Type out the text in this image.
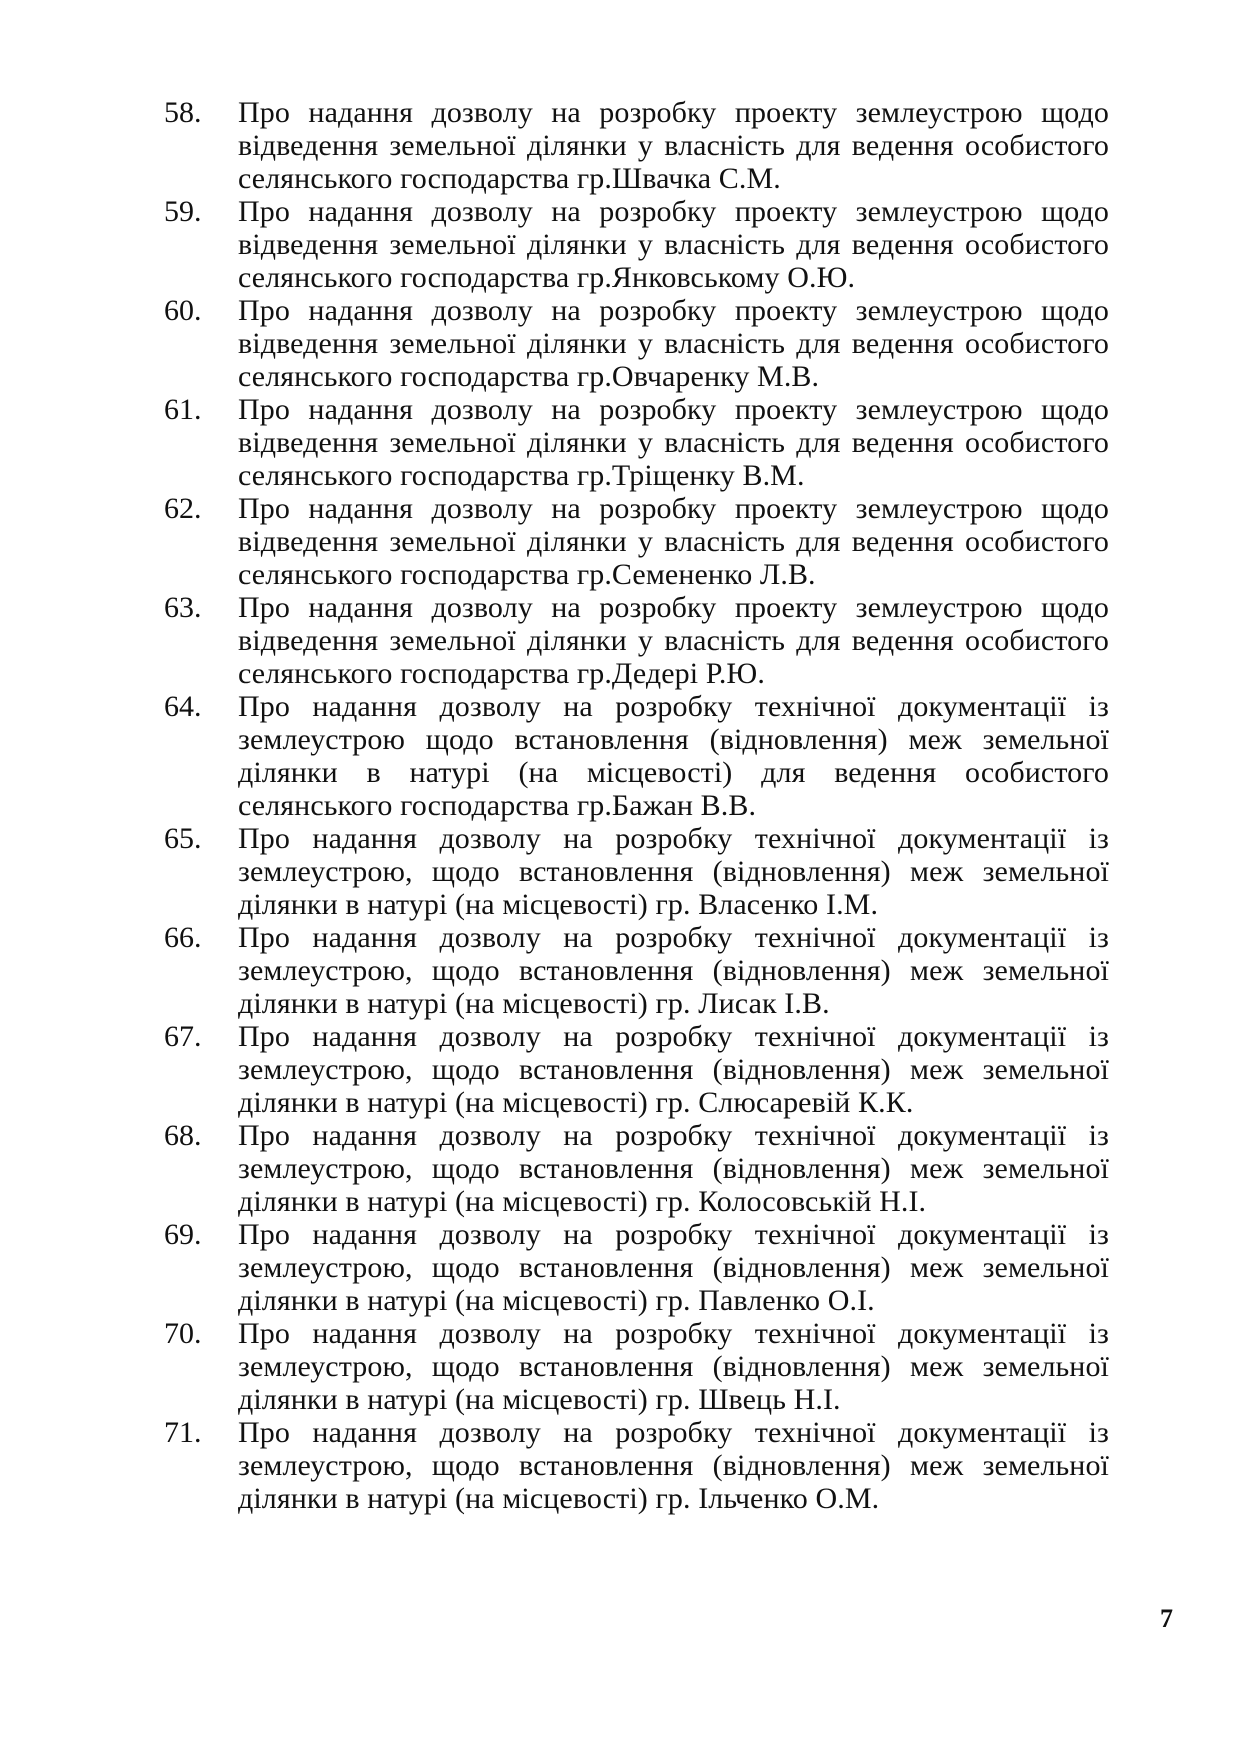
58. Про надання дозволу на розробку проекту землеустрою щодо відведення земельної ділянки у власність для ведення особистого селянського господарства гр.Швачка С.М.
59. Про надання дозволу на розробку проекту землеустрою щодо відведення земельної ділянки у власність для ведення особистого селянського господарства гр.Янковському О.Ю.
60. Про надання дозволу на розробку проекту землеустрою щодо відведення земельної ділянки у власність для ведення особистого селянського господарства гр.Овчаренку М.В.
61. Про надання дозволу на розробку проекту землеустрою щодо відведення земельної ділянки у власність для ведення особистого селянського господарства гр.Тріщенку В.М.
62. Про надання дозволу на розробку проекту землеустрою щодо відведення земельної ділянки у власність для ведення особистого селянського господарства гр.Семененко Л.В.
63. Про надання дозволу на розробку проекту землеустрою щодо відведення земельної ділянки у власність для ведення особистого селянського господарства гр.Дедері Р.Ю.
64. Про надання дозволу на розробку технічної документації із землеустрою щодо встановлення (відновлення) меж земельної ділянки в натурі (на місцевості) для ведення особистого селянського господарства гр.Бажан В.В.
65. Про надання дозволу на розробку технічної документації із землеустрою, щодо встановлення (відновлення) меж земельної ділянки в натурі (на місцевості) гр. Власенко І.М.
66. Про надання дозволу на розробку технічної документації із землеустрою, щодо встановлення (відновлення) меж земельної ділянки в натурі (на місцевості) гр. Лисак І.В.
67. Про надання дозволу на розробку технічної документації із землеустрою, щодо встановлення (відновлення) меж земельної ділянки в натурі (на місцевості) гр. Слюсаревій К.К.
68. Про надання дозволу на розробку технічної документації із землеустрою, щодо встановлення (відновлення) меж земельної ділянки в натурі (на місцевості) гр. Колосовській Н.І.
69. Про надання дозволу на розробку технічної документації із землеустрою, щодо встановлення (відновлення) меж земельної ділянки в натурі (на місцевості) гр. Павленко О.І.
70. Про надання дозволу на розробку технічної документації із землеустрою, щодо встановлення (відновлення) меж земельної ділянки в натурі (на місцевості) гр. Швець Н.І.
71. Про надання дозволу на розробку технічної документації із землеустрою, щодо встановлення (відновлення) меж земельної ділянки в натурі (на місцевості) гр. Ільченко О.М.
7
